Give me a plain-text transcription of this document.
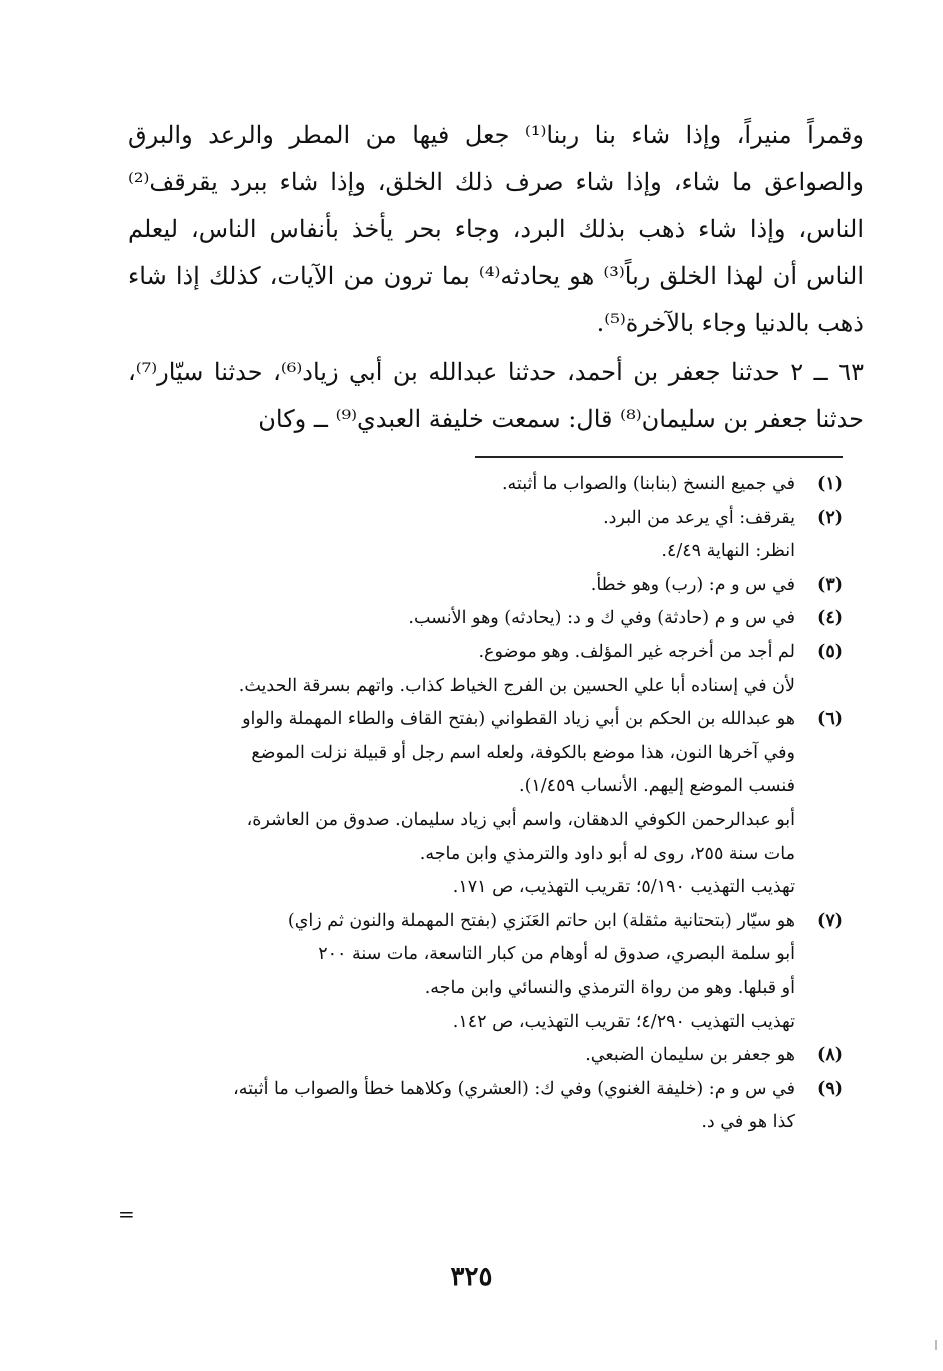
وقمراً منيراً، وإذا شاء بنا ربنا⁽¹⁾ جعل فيها من المطر والرعد والبرق والصواعق ما شاء، وإذا شاء صرف ذلك الخلق، وإذا شاء ببرد يقرقف⁽²⁾ الناس، وإذا شاء ذهب بذلك البرد، وجاء بحر يأخذ بأنفاس الناس، ليعلم الناس أن لهذا الخلق رباً⁽³⁾ هو يحادثه⁽⁴⁾ بما ترون من الآيات، كذلك إذا شاء ذهب بالدنيا وجاء بالآخرة⁽⁵⁾.

٦٣ ــ ٢ حدثنا جعفر بن أحمد، حدثنا عبدالله بن أبي زياد⁽⁶⁾، حدثنا سيّار⁽⁷⁾، حدثنا جعفر بن سليمان⁽⁸⁾ قال: سمعت خليفة العبدي⁽⁹⁾ ــ وكان

(١)
في جميع النسخ (بنابنا) والصواب ما أثبته.
(٢)
يقرقف: أي يرعد من البرد.
انظر: النهاية ٤/٤٩.
(٣)
في س و م: (رب) وهو خطأ.
(٤)
في س و م (حادثة) وفي ك و د: (يحادثه) وهو الأنسب.
(٥)
لم أجد من أخرجه غير المؤلف. وهو موضوع.
لأن في إسناده أبا علي الحسين بن الفرج الخياط كذاب. واتهم بسرقة الحديث.
(٦)
هو عبدالله بن الحكم بن أبي زياد القطواني (بفتح القاف والطاء المهملة والواو
وفي آخرها النون، هذا موضع بالكوفة، ولعله اسم رجل أو قبيلة نزلت الموضع
فنسب الموضع إليهم. الأنساب ١/٤٥٩).
أبو عبدالرحمن الكوفي الدهقان، واسم أبي زياد سليمان. صدوق من العاشرة،
مات سنة ٢٥٥، روى له أبو داود والترمذي وابن ماجه.
تهذيب التهذيب ٥/١٩٠؛ تقريب التهذيب، ص ١٧١.
(٧)
هو سيّار (بتحتانية مثقلة) ابن حاتم العَنَزي (بفتح المهملة والنون ثم زاي)
أبو سلمة البصري، صدوق له أوهام من كبار التاسعة، مات سنة ٢٠٠
أو قبلها. وهو من رواة الترمذي والنسائي وابن ماجه.
تهذيب التهذيب ٤/٢٩٠؛ تقريب التهذيب، ص ١٤٢.
(٨)
هو جعفر بن سليمان الضبعي.
(٩)
في س و م: (خليفة الغنوي) وفي ك: (العشري) وكلاهما خطأ والصواب ما أثبته،
كذا هو في د.
=
٣٢٥
